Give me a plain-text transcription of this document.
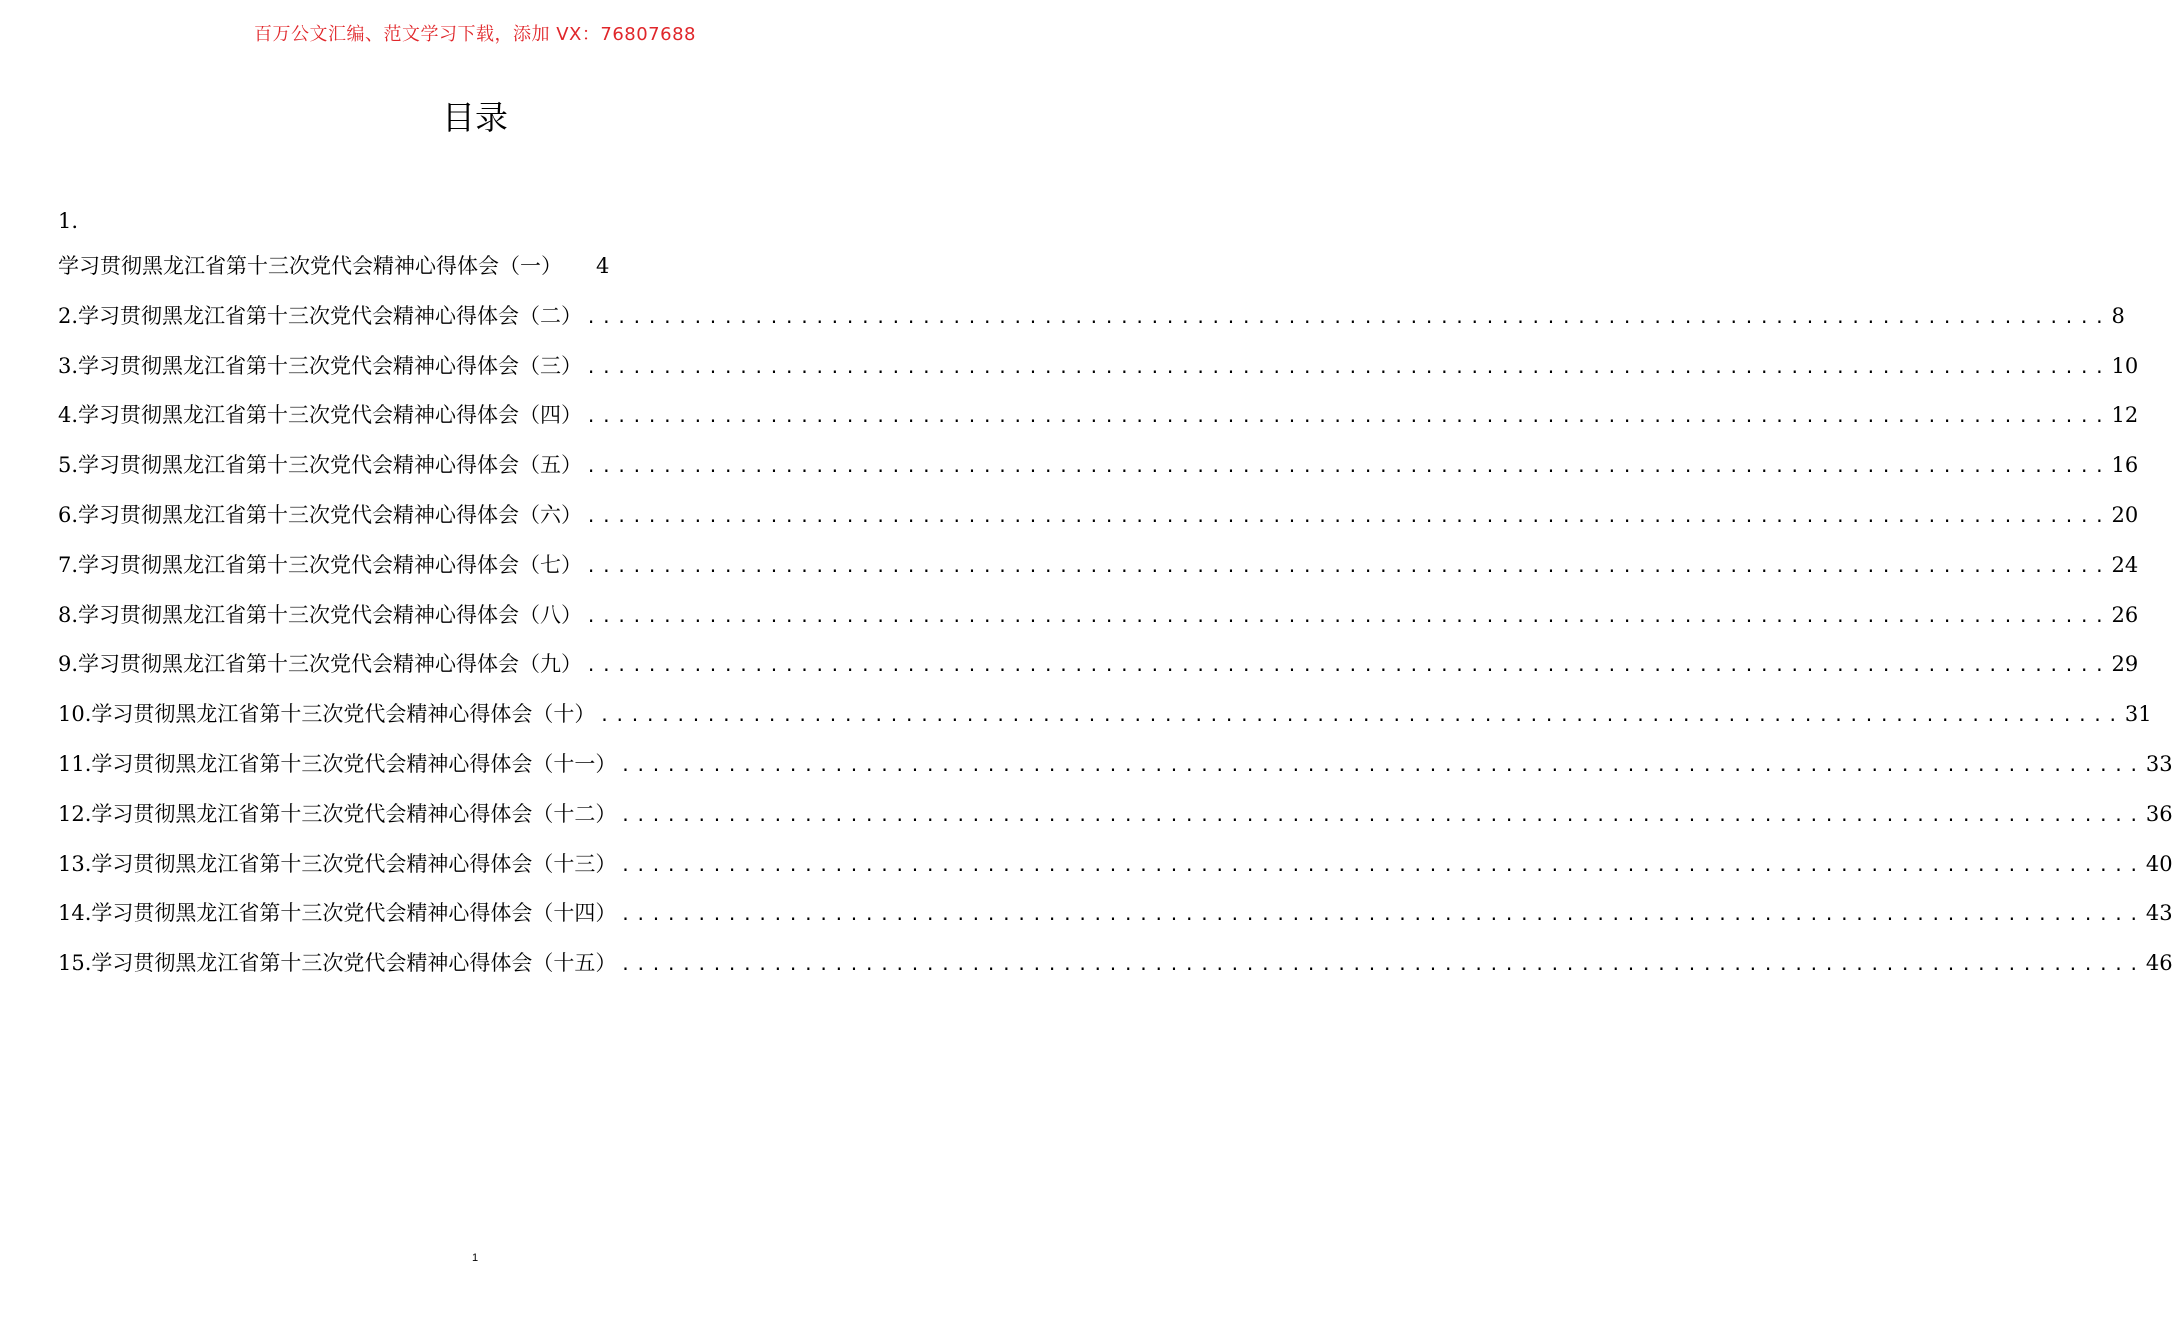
百万公文汇编、范文学习下载，添加 VX：76807688
目录
1.
学习贯彻黑龙江省第十三次党代会精神心得体会（一）	4
2. 学习贯彻黑龙江省第十三次党代会精神心得体会（二） .................................................................................................... 8
3. 学习贯彻黑龙江省第十三次党代会精神心得体会（三） .................................................................................................... 10
4. 学习贯彻黑龙江省第十三次党代会精神心得体会（四） .................................................................................................... 12
5. 学习贯彻黑龙江省第十三次党代会精神心得体会（五） .................................................................................................... 16
6. 学习贯彻黑龙江省第十三次党代会精神心得体会（六） .................................................................................................... 20
7. 学习贯彻黑龙江省第十三次党代会精神心得体会（七） .................................................................................................... 24
8. 学习贯彻黑龙江省第十三次党代会精神心得体会（八） .................................................................................................... 26
9. 学习贯彻黑龙江省第十三次党代会精神心得体会（九） .................................................................................................... 29
10. 学习贯彻黑龙江省第十三次党代会精神心得体会（十） .................................................................................................... 31
11. 学习贯彻黑龙江省第十三次党代会精神心得体会（十一） .................................................................................................... 33
12. 学习贯彻黑龙江省第十三次党代会精神心得体会（十二） .................................................................................................... 36
13. 学习贯彻黑龙江省第十三次党代会精神心得体会（十三） .................................................................................................... 40
14. 学习贯彻黑龙江省第十三次党代会精神心得体会（十四） .................................................................................................... 43
15. 学习贯彻黑龙江省第十三次党代会精神心得体会（十五） .................................................................................................... 46
1
